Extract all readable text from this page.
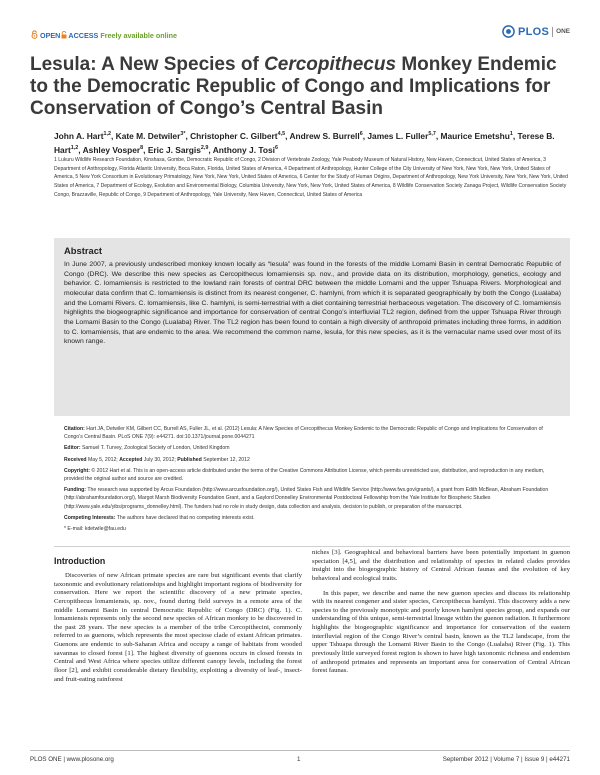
OPEN ACCESS Freely available online	PLOS ONE
Lesula: A New Species of Cercopithecus Monkey Endemic to the Democratic Republic of Congo and Implications for Conservation of Congo’s Central Basin
John A. Hart$^{1,2}$, Kate M. Detwiler$^{3*}$, Christopher C. Gilbert$^{4,5}$, Andrew S. Burrell$^6$, James L. Fuller$^{5,7}$, Maurice Emetshu$^1$, Terese B. Hart$^{1,2}$, Ashley Vosper$^8$, Eric J. Sargis$^{2,9}$, Anthony J. Tosi$^6$
1 Lukuru Wildlife Research Foundation, Kinshasa, Gombe, Democratic Republic of Congo, 2 Division of Vertebrate Zoology, Yale Peabody Museum of Natural History, New Haven, Connecticut, United States of America, 3 Department of Anthropology, Florida Atlantic University, Boca Raton, Florida, United States of America, 4 Department of Anthropology, Hunter College of the City University of New York, New York, New York, United States of America, 5 New York Consortium in Evolutionary Primatology, New York, New York, United States of America, 6 Center for the Study of Human Origins, Department of Anthropology, New York University, New York, New York, United States of America, 7 Department of Ecology, Evolution and Environmental Biology, Columbia University, New York, New York, United States of America, 8 Wildlife Conservation Society Zanaga Project, Wildlife Conservation Society Congo, Brazzaville, Republic of Congo, 9 Department of Anthropology, Yale University, New Haven, Connecticut, United States of America
Abstract
In June 2007, a previously undescribed monkey known locally as “lesula” was found in the forests of the middle Lomami Basin in central Democratic Republic of Congo (DRC). We describe this new species as Cercopithecus lomamiensis sp. nov., and provide data on its distribution, morphology, genetics, ecology and behavior. C. lomamiensis is restricted to the lowland rain forests of central DRC between the middle Lomami and the upper Tshuapa Rivers. Morphological and molecular data confirm that C. lomamiensis is distinct from its nearest congener, C. hamlyni, from which it is separated geographically by both the Congo (Lualaba) and the Lomami Rivers. C. lomamiensis, like C. hamlyni, is semi-terrestrial with a diet containing terrestrial herbaceous vegetation. The discovery of C. lomamiensis highlights the biogeographic significance and importance for conservation of central Congo’s interfluvial TL2 region, defined from the upper Tshuapa River through the Lomami Basin to the Congo (Lualaba) River. The TL2 region has been found to contain a high diversity of anthropoid primates including three forms, in addition to C. lomamiensis, that are endemic to the area. We recommend the common name, lesula, for this new species, as it is the vernacular name used over most of its known range.

Citation: Hart JA, Detwiler KM, Gilbert CC, Burrell AS, Fuller JL, et al. (2012) Lesula: A New Species of Cercopithecus Monkey Endemic to the Democratic Republic of Congo and Implications for Conservation of Congo’s Central Basin. PLoS ONE 7(9): e44271. doi:10.1371/journal.pone.0044271

Editor: Samuel T. Turvey, Zoological Society of London, United Kingdom

Received May 5, 2012; Accepted July 30, 2012; Published September 12, 2012

Copyright: © 2012 Hart et al. This is an open-access article distributed under the terms of the Creative Commons Attribution License, which permits unrestricted use, distribution, and reproduction in any medium, provided the original author and source are credited.

Funding: The research was supported by Arcus Foundation (http://www.arcusfoundation.org/), United States Fish and Wildlife Service (http://www.fws.gov/grants/), a grant from Edith McBean, Abraham Foundation (http://abrahamfoundation.org/), Margot Marsh Biodiversity Foundation Grant, and a Gaylord Donnelley Environmental Postdoctoral Fellowship from the Yale Institute for Biospheric Studies (http://www.yale.edu/yibs/programs_donnelley.html). The funders had no role in study design, data collection and analysis, decision to publish, or preparation of the manuscript.

Competing Interests: The authors have declared that no competing interests exist.

* E-mail: kdetwile@fau.edu

Introduction

Discoveries of new African primate species are rare but significant events that clarify taxonomic and evolutionary relationships and highlight important regions of biodiversity for conservation. Here we report the scientific discovery of a new primate species, Cercopithecus lomamiensis, sp. nov., found during field surveys in a remote area of the middle Lomami Basin in central Democratic Republic of Congo (DRC) (Fig. 1). C. lomamiensis represents only the second new species of African monkey to be discovered in the past 28 years. The new species is a member of the tribe Cercopithecini, commonly referred to as guenons, which represents the most speciose clade of extant African primates. Guenons are endemic to sub-Saharan Africa and occupy a range of habitats from wooded savannas to closed forest [1]. The highest diversity of guenons occurs in closed forests in Central and West Africa where species utilize different canopy levels, including the forest floor [2], and exhibit considerable dietary flexibility, exploiting a diversity of leaf-, insect- and fruit-eating rainforest

niches [3]. Geographical and behavioral barriers have been potentially important in guenon speciation [4,5], and the distribution and relationship of species in related clades provides insight into the biogeographic history of Central African faunas and the evolution of key behavioral and ecological traits.

In this paper, we describe and name the new guenon species and discuss its relationship with its nearest congener and sister species, Cercopithecus hamlyni. This discovery adds a new species to the previously monotypic and poorly known hamlyni species group, and expands our understanding of this unique, semi-terrestrial lineage within the guenon radiation. It furthermore highlights the biogeographic significance and importance for conservation of the eastern interfluvial region of the Congo River’s central basin, known as the TL2 landscape, from the upper Tshuapa through the Lomami River Basin to the Congo (Lualaba) River (Fig. 1). This previously little surveyed forest region is shown to have high taxonomic richness and endemism of anthropoid primates and represents an important area for conservation of Central African forest faunas.

PLOS ONE | www.plosone.org	1	September 2012 | Volume 7 | Issue 9 | e44271
